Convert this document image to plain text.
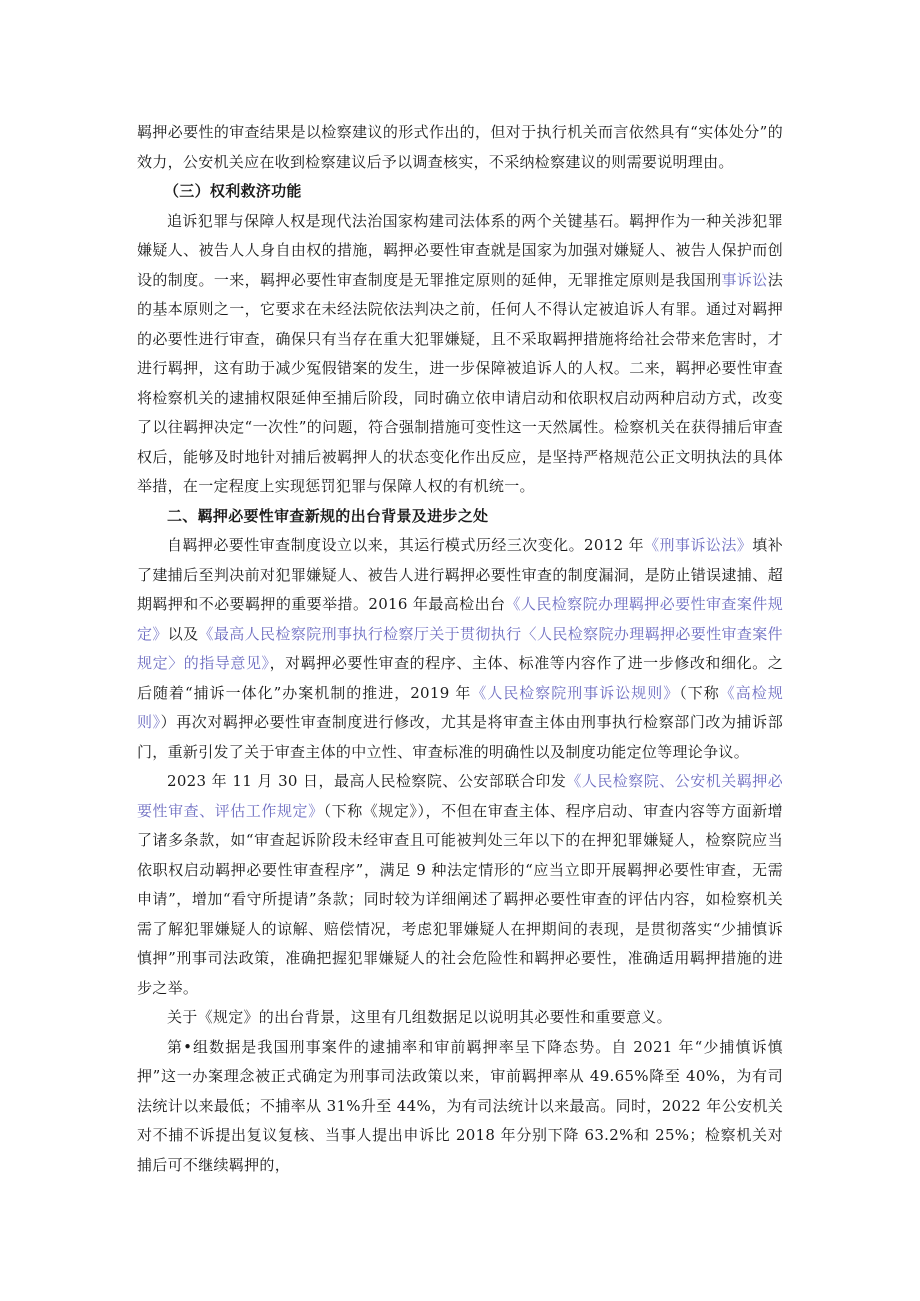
羁押必要性的审查结果是以检察建议的形式作出的，但对于执行机关而言依然具有“实体处分”的效力，公安机关应在收到检察建议后予以调查核实，不采纳检察建议的则需要说明理由。

（三）权利救济功能

追诉犯罪与保障人权是现代法治国家构建司法体系的两个关键基石。羁押作为一种关涉犯罪嫌疑人、被告人人身自由权的措施，羁押必要性审查就是国家为加强对嫌疑人、被告人保护而创设的制度。一来，羁押必要性审查制度是无罪推定原则的延伸，无罪推定原则是我国刑事诉讼法的基本原则之一，它要求在未经法院依法判决之前，任何人不得认定被追诉人有罪。通过对羁押的必要性进行审查，确保只有当存在重大犯罪嫌疑，且不采取羁押措施将给社会带来危害时，才进行羁押，这有助于减少冤假错案的发生，进一步保障被追诉人的人权。二来，羁押必要性审查将检察机关的逮捕权限延伸至捕后阶段，同时确立依申请启动和依职权启动两种启动方式，改变了以往羁押决定“一次性”的问题，符合强制措施可变性这一天然属性。检察机关在获得捕后审查权后，能够及时地针对捕后被羁押人的状态变化作出反应，是坚持严格规范公正文明执法的具体举措，在一定程度上实现惩罚犯罪与保障人权的有机统一。

二、羁押必要性审查新规的出台背景及进步之处

自羁押必要性审查制度设立以来，其运行模式历经三次变化。2012 年《刑事诉讼法》填补了建捕后至判决前对犯罪嫌疑人、被告人进行羁押必要性审查的制度漏洞，是防止错误逮捕、超期羁押和不必要羁押的重要举措。2016 年最高检出台《人民检察院办理羁押必要性审查案件规定》以及《最高人民检察院刑事执行检察厅关于贯彻执行〈人民检察院办理羁押必要性审查案件规定〉的指导意见》，对羁押必要性审查的程序、主体、标准等内容作了进一步修改和细化。之后随着“捕诉一体化”办案机制的推进，2019 年《人民检察院刑事诉讼规则》（下称《高检规则》）再次对羁押必要性审查制度进行修改，尤其是将审查主体由刑事执行检察部门改为捕诉部门，重新引发了关于审查主体的中立性、审查标准的明确性以及制度功能定位等理论争议。

2023 年 11 月 30 日，最高人民检察院、公安部联合印发《人民检察院、公安机关羁押必要性审查、评估工作规定》（下称《规定》），不但在审查主体、程序启动、审查内容等方面新增了诸多条款，如“审查起诉阶段未经审查且可能被判处三年以下的在押犯罪嫌疑人，检察院应当依职权启动羁押必要性审查程序”，满足 9 种法定情形的“应当立即开展羁押必要性审查，无需申请”，增加“看守所提请”条款；同时较为详细阐述了羁押必要性审查的评估内容，如检察机关需了解犯罪嫌疑人的谅解、赔偿情况，考虑犯罪嫌疑人在押期间的表现，是贯彻落实“少捕慎诉慎押”刑事司法政策，准确把握犯罪嫌疑人的社会危险性和羁押必要性，准确适用羁押措施的进步之举。

关于《规定》的出台背景，这里有几组数据足以说明其必要性和重要意义。

第•组数据是我国刑事案件的逮捕率和审前羁押率呈下降态势。自 2021 年“少捕慎诉慎押”这一办案理念被正式确定为刑事司法政策以来，审前羁押率从 49.65%降至 40%，为有司法统计以来最低；不捕率从 31%升至 44%，为有司法统计以来最高。同时，2022 年公安机关对不捕不诉提出复议复核、当事人提出申诉比 2018 年分别下降 63.2%和 25%；检察机关对捕后可不继续羁押的，
